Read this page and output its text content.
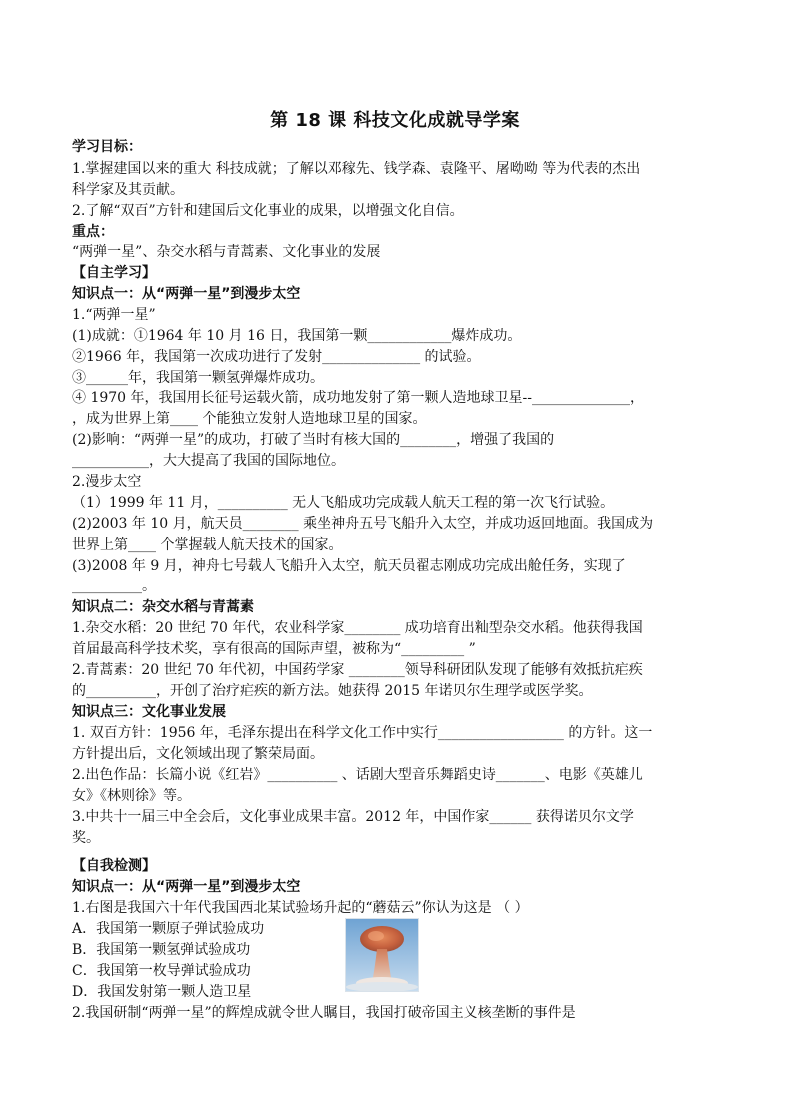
第 18 课 科技文化成就导学案
学习目标：
1.掌握建国以来的重大 科技成就；了解以邓稼先、钱学森、袁隆平、屠呦呦 等为代表的杰出
科学家及其贡献。
2.了解“双百”方针和建国后文化事业的成果，以增强文化自信。
重点：
“两弹一星”、杂交水稻与青蒿素、文化事业的发展
【自主学习】
知识点一：从“两弹一星”到漫步太空
1.“两弹一星”
(1)成就：①1964 年 10 月 16 日，我国第一颗____________爆炸成功。
②1966 年，我国第一次成功进行了发射______________ 的试验。
③______年，我国第一颗氢弹爆炸成功。
④ 1970 年，我国用长征号运载火箭，成功地发射了第一颗人造地球卫星--______________，
，成为世界上第____ 个能独立发射人造地球卫星的国家。
(2)影响：“两弹一星”的成功，打破了当时有核大国的________，增强了我国的
___________，大大提高了我国的国际地位。
2.漫步太空
（1）1999 年 11 月，__________ 无人飞船成功完成载人航天工程的第一次飞行试验。
(2)2003 年 10 月，航天员________ 乘坐神舟五号飞船升入太空，并成功返回地面。我国成为
世界上第____ 个掌握载人航天技术的国家。
(3)2008 年 9 月，神舟七号载人飞船升入太空，航天员翟志刚成功完成出舱任务，实现了
__________。
知识点二：杂交水稻与青蒿素
1.杂交水稻：20 世纪 70 年代，农业科学家________ 成功培育出籼型杂交水稻。他获得我国
首届最高科学技术奖，享有很高的国际声望，被称为“_________ ”
2.青蒿素：20 世纪 70 年代初，中国药学家 ________领导科研团队发现了能够有效抵抗疟疾
的__________，开创了治疗疟疾的新方法。她获得 2015 年诺贝尔生理学或医学奖。
知识点三：文化事业发展
1. 双百方针：1956 年，毛泽东提出在科学文化工作中实行__________________ 的方针。这一
方针提出后，文化领域出现了繁荣局面。
2.出色作品：长篇小说《红岩》__________ 、话剧大型音乐舞蹈史诗_______、电影《英雄儿
女》《林则徐》等。
3.中共十一届三中全会后，文化事业成果丰富。2012 年，中国作家______ 获得诺贝尔文学
奖。
【自我检测】
知识点一：从“两弹一星”到漫步太空
1.右图是我国六十年代我国西北某试验场升起的“蘑菇云”你认为这是 （ ）
A．我国第一颗原子弹试验成功
B．我国第一颗氢弹试验成功
C．我国第一枚导弹试验成功
D．我国发射第一颗人造卫星
2.我国研制“两弹一星”的辉煌成就令世人瞩目，我国打破帝国主义核垄断的事件是
